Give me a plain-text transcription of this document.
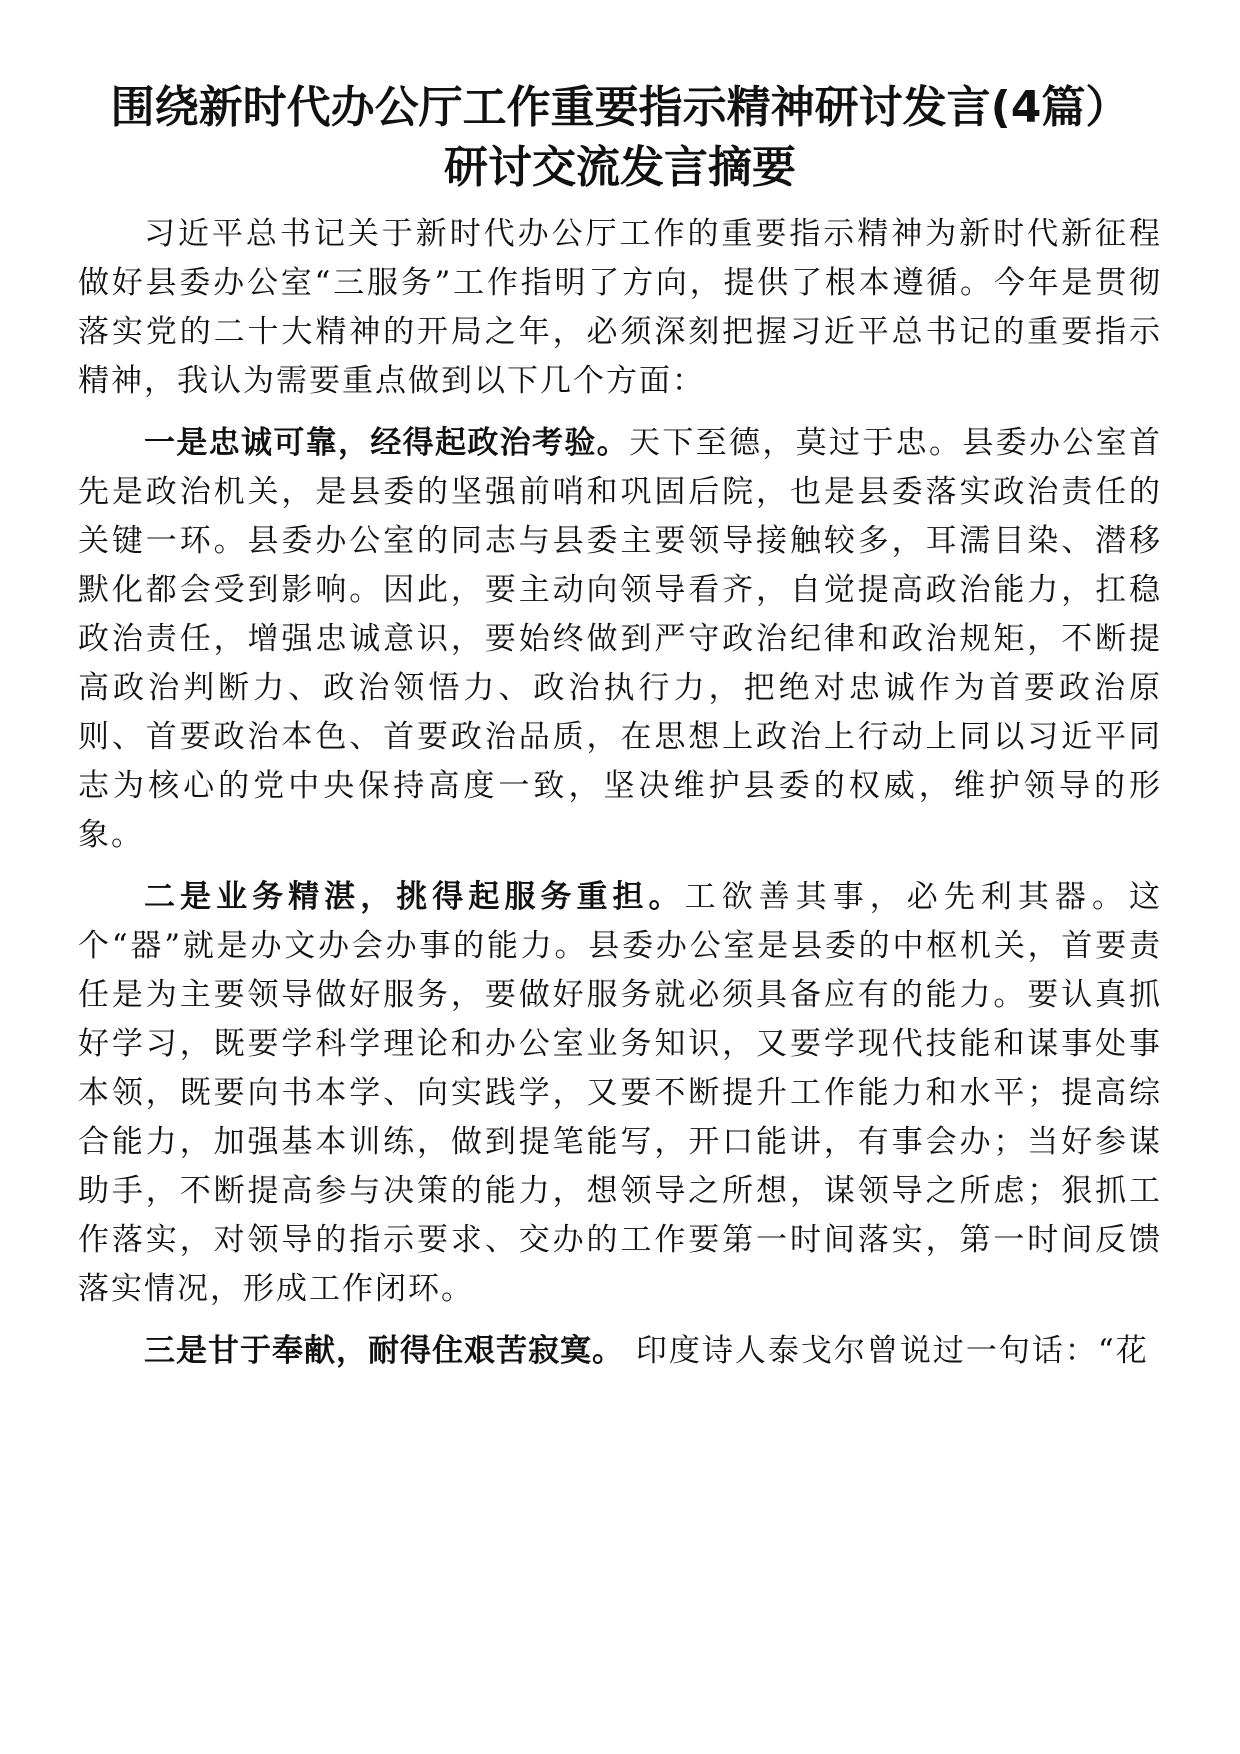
围绕新时代办公厅工作重要指示精神研讨发言(4篇）
研讨交流发言摘要

习近平总书记关于新时代办公厅工作的重要指示精神为新时代新征程做好县委办公室“三服务”工作指明了方向，提供了根本遵循。今年是贯彻落实党的二十大精神的开局之年，必须深刻把握习近平总书记的重要指示精神，我认为需要重点做到以下几个方面：

一是忠诚可靠，经得起政治考验。天下至德，莫过于忠。县委办公室首先是政治机关，是县委的坚强前哨和巩固后院，也是县委落实政治责任的关键一环。县委办公室的同志与县委主要领导接触较多，耳濡目染、潜移默化都会受到影响。因此，要主动向领导看齐，自觉提高政治能力，扛稳政治责任，增强忠诚意识，要始终做到严守政治纪律和政治规矩，不断提高政治判断力、政治领悟力、政治执行力，把绝对忠诚作为首要政治原则、首要政治本色、首要政治品质，在思想上政治上行动上同以习近平同志为核心的党中央保持高度一致，坚决维护县委的权威，维护领导的形象。

二是业务精湛，挑得起服务重担。工欲善其事，必先利其器。这个“器”就是办文办会办事的能力。县委办公室是县委的中枢机关，首要责任是为主要领导做好服务，要做好服务就必须具备应有的能力。要认真抓好学习，既要学科学理论和办公室业务知识，又要学现代技能和谋事处事本领，既要向书本学、向实践学，又要不断提升工作能力和水平；提高综合能力，加强基本训练，做到提笔能写，开口能讲，有事会办；当好参谋助手，不断提高参与决策的能力，想领导之所想，谋领导之所虑；狠抓工作落实，对领导的指示要求、交办的工作要第一时间落实，第一时间反馈落实情况，形成工作闭环。

三是甘于奉献，耐得住艰苦寂寞。 印度诗人泰戈尔曾说过一句话：“花
